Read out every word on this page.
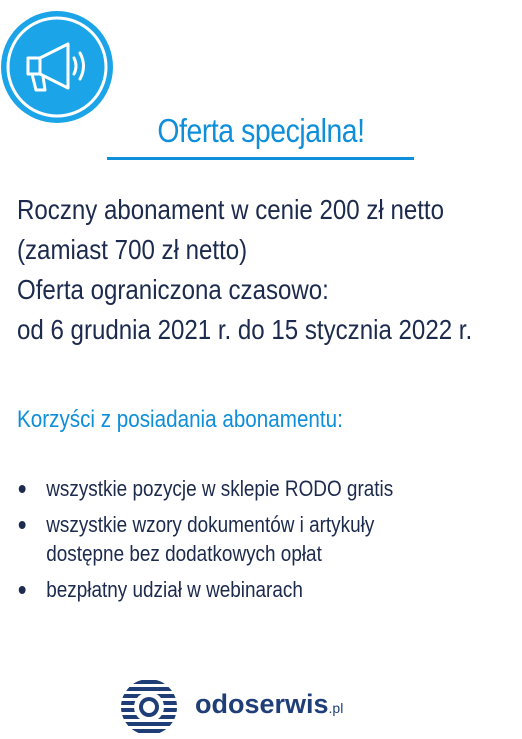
Oferta specjalna!
Roczny abonament w cenie 200 zł netto
(zamiast 700 zł netto)
Oferta ograniczona czasowo:
od 6 grudnia 2021 r. do 15 stycznia 2022 r.
Korzyści z posiadania abonamentu:
wszystkie pozycje w sklepie RODO gratis
wszystkie wzory dokumentów i artykuły
dostępne bez dodatkowych opłat
bezpłatny udział w webinarach
odoserwis.pl
